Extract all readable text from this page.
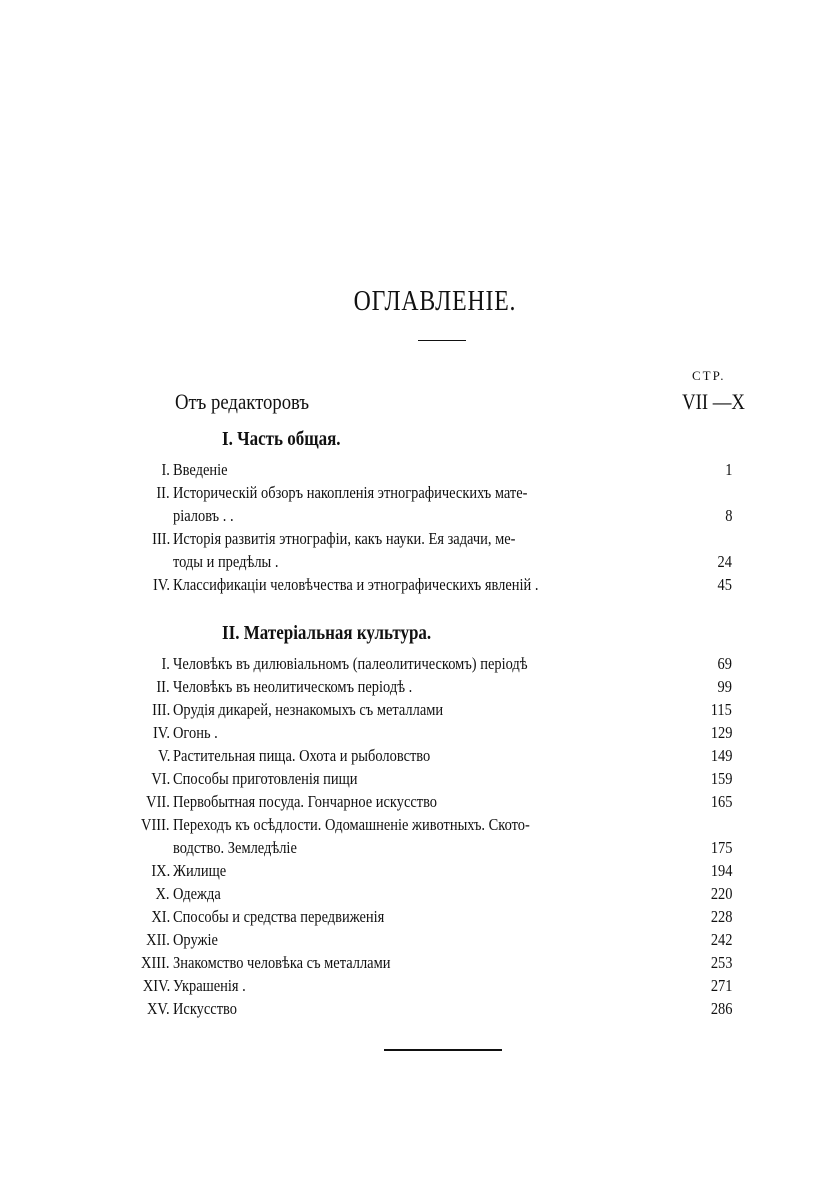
ОГЛАВЛЕНІЕ.
СТР.
Отъ редакторовъ	VII —Х
I. Часть общая.
I. Введеніе	1
II. Историческій обзоръ накопленія этнографическихъ мате-
ріаловъ . .	8
III. Исторія развитія этнографіи, какъ науки. Ея задачи, ме-
тоды и предѣлы .	24
IV. Классификаціи человѣчества и этнографическихъ явленій .	45
II. Матеріальная культура.
I. Человѣкъ въ дилювіальномъ (палеолитическомъ) періодѣ	69
II. Человѣкъ въ неолитическомъ періодѣ .	99
III. Орудія дикарей, незнакомыхъ съ металлами	115
IV. Огонь .	129
V. Растительная пища. Охота и рыболовство	149
VI. Способы приготовленія пищи	159
VII. Первобытная посуда. Гончарное искусство	165
VIII. Переходъ къ осѣдлости. Одомашненіе животныхъ. Ското-
водство. Земледѣліе	175
IX. Жилище	194
X. Одежда	220
XI. Способы и средства передвиженія	228
XII. Оружіе	242
XIII. Знакомство человѣка съ металлами	253
XIV. Украшенія .	271
XV. Искусство	286
